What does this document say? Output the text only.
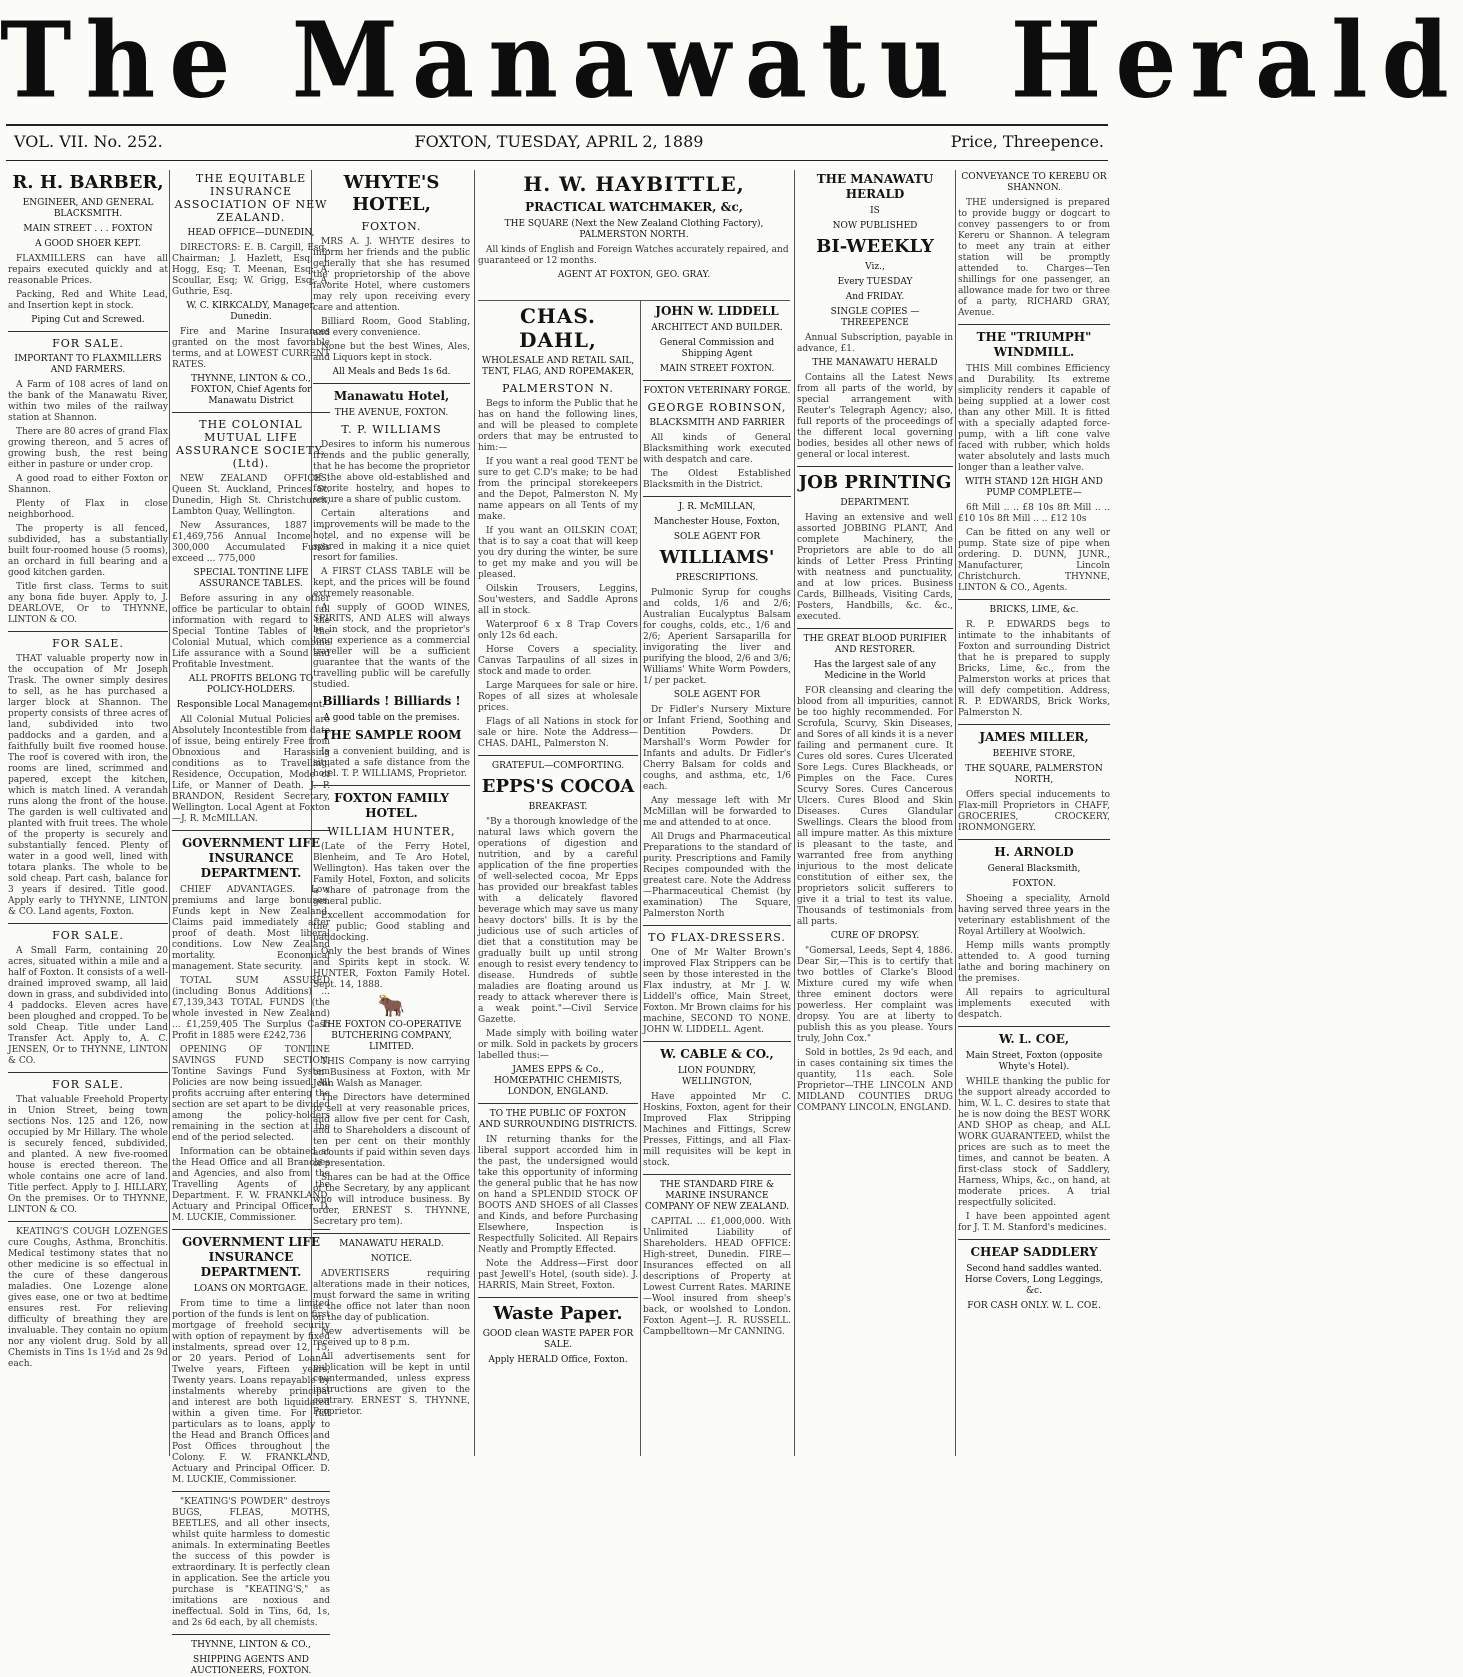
The Manawatu Herald
VOL. VII. No. 252.	FOXTON, TUESDAY, APRIL 2, 1889	Price, Threepence.
R. H. BARBER,
ENGINEER, AND GENERAL BLACKSMITH.
MAIN STREET . . . FOXTON
A GOOD SHOER KEPT.

FLAXMILLERS can have all repairs executed quickly and at reasonable Prices.

Packing, Red and White Lead, and Insertion kept in stock.

Piping Cut and Screwed.
FOR SALE.
IMPORTANT TO FLAXMILLERS AND FARMERS.

A Farm of 108 acres of land on the bank of the Manawatu River, within two miles of the railway station at Shannon.

There are 80 acres of grand Flax growing thereon, and 5 acres of growing bush, the rest being either in pasture or under crop.

A good road to either Foxton or Shannon.

Plenty of Flax in close neighborhood.

The property is all fenced, subdivided, has a substantially built four-roomed house (5 rooms), an orchard in full bearing and a good kitchen garden.

Title first class. Terms to suit any bona fide buyer. Apply to, J. DEARLOVE, Or to THYNNE, LINTON & CO.

FOR SALE.

THAT valuable property now in the occupation of Mr Joseph Trask. The owner simply desires to sell, as he has purchased a larger block at Shannon. The property consists of three acres of land, subdivided into two paddocks and a garden, and a faithfully built five roomed house. The roof is covered with iron, the rooms are lined, scrimmed and papered, except the kitchen, which is match lined. A verandah runs along the front of the house. The garden is well cultivated and planted with fruit trees. The whole of the property is securely and substantially fenced. Plenty of water in a good well, lined with totara planks. The whole to be sold cheap. Part cash, balance for 3 years if desired. Title good. Apply early to THYNNE, LINTON & CO. Land agents, Foxton.

FOR SALE.

A Small Farm, containing 20 acres, situated within a mile and a half of Foxton. It consists of a well-drained improved swamp, all laid down in grass, and subdivided into 4 paddocks. Eleven acres have been ploughed and cropped. To be sold Cheap. Title under Land Transfer Act. Apply to, A. C. JENSEN, Or to THYNNE, LINTON & CO.

FOR SALE.

That valuable Freehold Property in Union Street, being town sections Nos. 125 and 126, now occupied by Mr Hillary. The whole is securely fenced, subdivided, and planted. A new five-roomed house is erected thereon. The whole contains one acre of land. Title perfect. Apply to J. HILLARY, On the premises. Or to THYNNE, LINTON & CO.

KEATING'S COUGH LOZENGES cure Coughs, Asthma, Bronchitis. Medical testimony states that no other medicine is so effectual in the cure of these dangerous maladies. One Lozenge alone gives ease, one or two at bedtime ensures rest. For relieving difficulty of breathing they are invaluable. They contain no opium nor any violent drug. Sold by all Chemists in Tins 1s 1½d and 2s 9d each.

THE EQUITABLE INSURANCE ASSOCIATION OF NEW ZEALAND.
HEAD OFFICE—DUNEDIN,

DIRECTORS: E. B. Cargill, Esq., Chairman; J. Hazlett, Esq; I. Hogg, Esq; T. Meenan, Esq; A. Scoullar, Esq; W. Grigg, Esq; A. Guthrie, Esq.

W. C. KIRKCALDY, Manager, Dunedin.

Fire and Marine Insurances granted on the most favorable terms, and at LOWEST CURRENT RATES.

THYNNE, LINTON & CO., FOXTON, Chief Agents for Manawatu District
THE COLONIAL MUTUAL LIFE ASSURANCE SOCIETY, (Ltd).

NEW ZEALAND OFFICES: Queen St. Auckland, Princes St. Dunedin, High St. Christchurch, Lambton Quay, Wellington.

New Assurances, 1887 ... £1,469,756 Annual Income ... 300,000 Accumulated Funds exceed ... 775,000

SPECIAL TONTINE LIFE ASSURANCE TABLES.

Before assuring in any other office be particular to obtain full information with regard to the Special Tontine Tables of the Colonial Mutual, which combine Life assurance with a Sound and Profitable Investment.

ALL PROFITS BELONG TO POLICY-HOLDERS.
Responsible Local Management.

All Colonial Mutual Policies are Absolutely Incontestible from date of issue, being entirely Free from Obnoxious and Harassing conditions as to Travelling, Residence, Occupation, Mode of Life, or Manner of Death. J. P. BRANDON, Resident Secretary, Wellington. Local Agent at Foxton—J. R. McMILLAN.

GOVERNMENT LIFE INSURANCE DEPARTMENT.

CHIEF ADVANTAGES. Low premiums and large bonuses. Funds kept in New Zealand. Claims paid immediately after proof of death. Most liberal conditions. Low New Zealand mortality. Economical management. State security.

TOTAL SUM ASSURED (including Bonus Additions) ... £7,139,343 TOTAL FUNDS (the whole invested in New Zealand) ... £1,259,405 The Surplus Cash Profit in 1885 were £242,736

OPENING OF TONTINE SAVINGS FUND SECTION. Tontine Savings Fund System Policies are now being issued. All profits accruing after entering the section are set apart to be divided among the policy-holders remaining in the section at the end of the period selected.

Information can be obtained at the Head Office and all Branches and Agencies, and also from the Travelling Agents of the Department. F. W. FRANKLAND, Actuary and Principal Officer. D. M. LUCKIE, Commissioner.

GOVERNMENT LIFE INSURANCE DEPARTMENT.
LOANS ON MORTGAGE.

From time to time a limited portion of the funds is lent on first mortgage of freehold security with option of repayment by fixed instalments, spread over 12, 15, or 20 years. Period of Loan—Twelve years, Fifteen years, Twenty years. Loans repayable by instalments whereby principal and interest are both liquidated within a given time. For full particulars as to loans, apply to the Head and Branch Offices and Post Offices throughout the Colony. F. W. FRANKLAND, Actuary and Principal Officer. D. M. LUCKIE, Commissioner.

"KEATING'S POWDER" destroys BUGS, FLEAS, MOTHS, BEETLES, and all other insects, whilst quite harmless to domestic animals. In exterminating Beetles the success of this powder is extraordinary. It is perfectly clean in application. See the article you purchase is "KEATING'S," as imitations are noxious and ineffectual. Sold in Tins, 6d, 1s, and 2s 6d each, by all chemists.

THYNNE, LINTON & CO.,
SHIPPING AGENTS AND AUCTIONEERS, FOXTON.
WHYTE'S HOTEL,
FOXTON.

MRS A. J. WHYTE desires to inform her friends and the public generally that she has resumed the proprietorship of the above favorite Hotel, where customers may rely upon receiving every care and attention.

Billiard Room, Good Stabling, and every convenience.

None but the best Wines, Ales, and Liquors kept in stock.

All Meals and Beds 1s 6d.
Manawatu Hotel,
THE AVENUE, FOXTON.
T. P. WILLIAMS

Desires to inform his numerous friends and the public generally, that he has become the proprietor of the above old-established and favorite hostelry, and hopes to secure a share of public custom.

Certain alterations and improvements will be made to the hotel, and no expense will be spared in making it a nice quiet resort for families.

A FIRST CLASS TABLE will be kept, and the prices will be found extremely reasonable.

A supply of GOOD WINES, SPIRITS, AND ALES will always be in stock, and the proprietor's long experience as a commercial traveller will be a sufficient guarantee that the wants of the travelling public will be carefully studied.

Billiards ! Billiards !
A good table on the premises.
THE SAMPLE ROOM

Is a convenient building, and is situated a safe distance from the hotel. T. P. WILLIAMS, Proprietor.

FOXTON FAMILY HOTEL.
WILLIAM HUNTER,

(Late of the Ferry Hotel, Blenheim, and Te Aro Hotel, Wellington). Has taken over the Family Hotel, Foxton, and solicits a share of patronage from the general public.

Excellent accommodation for the public; Good stabling and paddocking.

Only the best brands of Wines and Spirits kept in stock. W. HUNTER, Foxton Family Hotel. Sept. 14, 1888.

🐂
THE FOXTON CO-OPERATIVE BUTCHERING COMPANY, LIMITED.

THIS Company is now carrying on Business at Foxton, with Mr John Walsh as Manager.

The Directors have determined to sell at very reasonable prices, and allow five per cent for Cash, and to Shareholders a discount of ten per cent on their monthly accounts if paid within seven days of presentation.

Shares can be had at the Office of the Secretary, by any applicant who will introduce business. By order, ERNEST S. THYNNE, Secretary pro tem).

MANAWATU HERALD.
NOTICE.

ADVERTISERS requiring alterations made in their notices, must forward the same in writing at the office not later than noon on the day of publication.

New advertisements will be received up to 8 p.m.

All advertisements sent for publication will be kept in until countermanded, unless express instructions are given to the contrary. ERNEST S. THYNNE, Proprietor.

H. W. HAYBITTLE,
PRACTICAL WATCHMAKER, &c,
THE SQUARE (Next the New Zealand Clothing Factory), PALMERSTON NORTH.

All kinds of English and Foreign Watches accurately repaired, and guaranteed or 12 months.

AGENT AT FOXTON, GEO. GRAY.
CHAS. DAHL,
WHOLESALE AND RETAIL SAIL, TENT, FLAG, AND ROPEMAKER,
PALMERSTON N.

Begs to inform the Public that he has on hand the following lines, and will be pleased to complete orders that may be entrusted to him:—

If you want a real good TENT be sure to get C.D's make; to be had from the principal storekeepers and the Depot, Palmerston N. My name appears on all Tents of my make.

If you want an OILSKIN COAT, that is to say a coat that will keep you dry during the winter, be sure to get my make and you will be pleased.

Oilskin Trousers, Leggins, Sou'westers, and Saddle Aprons all in stock.

Waterproof 6 x 8 Trap Covers only 12s 6d each.

Horse Covers a speciality. Canvas Tarpaulins of all sizes in stock and made to order.

Large Marquees for sale or hire. Ropes of all sizes at wholesale prices.

Flags of all Nations in stock for sale or hire. Note the Address—CHAS. DAHL, Palmerston N.

GRATEFUL—COMFORTING.
EPPS'S COCOA
BREAKFAST.

"By a thorough knowledge of the natural laws which govern the operations of digestion and nutrition, and by a careful application of the fine properties of well-selected cocoa, Mr Epps has provided our breakfast tables with a delicately flavored beverage which may save us many heavy doctors' bills. It is by the judicious use of such articles of diet that a constitution may be gradually built up until strong enough to resist every tendency to disease. Hundreds of subtle maladies are floating around us ready to attack wherever there is a weak point."—Civil Service Gazette.

Made simply with boiling water or milk. Sold in packets by grocers labelled thus:—

JAMES EPPS & Co., HOMŒPATHIC CHEMISTS, LONDON, ENGLAND.
TO THE PUBLIC OF FOXTON AND SURROUNDING DISTRICTS.

IN returning thanks for the liberal support accorded him in the past, the undersigned would take this opportunity of informing the general public that he has now on hand a SPLENDID STOCK OF BOOTS AND SHOES of all Classes and Kinds, and before Purchasing Elsewhere, Inspection is Respectfully Solicited. All Repairs Neatly and Promptly Effected.

Note the Address—First door past Jewell's Hotel, (south side). J. HARRIS, Main Street, Foxton.

Waste Paper.
GOOD clean WASTE PAPER FOR SALE.
Apply HERALD Office, Foxton.
JOHN W. LIDDELL
ARCHITECT AND BUILDER.
General Commission and Shipping Agent
MAIN STREET FOXTON.
FOXTON VETERINARY FORGE.
GEORGE ROBINSON,
BLACKSMITH AND FARRIER

All kinds of General Blacksmithing work executed with despatch and care.

The Oldest Established Blacksmith in the District.

J. R. McMILLAN,
Manchester House, Foxton,
SOLE AGENT FOR
WILLIAMS'
PRESCRIPTIONS.

Pulmonic Syrup for coughs and colds, 1/6 and 2/6; Australian Eucalyptus Balsam for coughs, colds, etc., 1/6 and 2/6; Aperient Sarsaparilla for invigorating the liver and purifying the blood, 2/6 and 3/6; Williams' White Worm Powders, 1/ per packet.

SOLE AGENT FOR

Dr Fidler's Nursery Mixture or Infant Friend, Soothing and Dentition Powders. Dr Marshall's Worm Powder for Infants and adults. Dr Fidler's Cherry Balsam for colds and coughs, and asthma, etc, 1/6 each.

Any message left with Mr McMillan will be forwarded to me and attended to at once.

All Drugs and Pharmaceutical Preparations to the standard of purity. Prescriptions and Family Recipes compounded with the greatest care. Note the Address—Pharmaceutical Chemist (by examination) The Square, Palmerston North

TO FLAX-DRESSERS.

One of Mr Walter Brown's improved Flax Strippers can be seen by those interested in the Flax industry, at Mr J. W. Liddell's office, Main Street, Foxton. Mr Brown claims for his machine, SECOND TO NONE. JOHN W. LIDDELL. Agent.

W. CABLE & CO.,
LION FOUNDRY, WELLINGTON,

Have appointed Mr C. Hoskins, Foxton, agent for their Improved Flax Stripping Machines and Fittings, Screw Presses, Fittings, and all Flax-mill requisites will be kept in stock.

THE STANDARD FIRE & MARINE INSURANCE COMPANY OF NEW ZEALAND.

CAPITAL ... £1,000,000. With Unlimited Liability of Shareholders. HEAD OFFICE: High-street, Dunedin. FIRE—Insurances effected on all descriptions of Property at Lowest Current Rates. MARINE—Wool insured from sheep's back, or woolshed to London. Foxton Agent—J. R. RUSSELL. Campbelltown—Mr CANNING.

THE MANAWATU HERALD
IS
NOW PUBLISHED
BI-WEEKLY
Viz.,
Every TUESDAY
And FRIDAY.
SINGLE COPIES — THREEPENCE

Annual Subscription, payable in advance, £1.

THE MANAWATU HERALD

Contains all the Latest News from all parts of the world, by special arrangement with Reuter's Telegraph Agency; also, full reports of the proceedings of the different local governing bodies, besides all other news of general or local interest.

JOB PRINTING
DEPARTMENT.

Having an extensive and well assorted JOBBING PLANT, And complete Machinery, the Proprietors are able to do all kinds of Letter Press Printing with neatness and punctuality, and at low prices. Business Cards, Billheads, Visiting Cards, Posters, Handbills, &c. &c., executed.

THE GREAT BLOOD PURIFIER AND RESTORER.
Has the largest sale of any Medicine in the World

FOR cleansing and clearing the blood from all impurities, cannot be too highly recommended. For Scrofula, Scurvy, Skin Diseases, and Sores of all kinds it is a never failing and permanent cure. It Cures old sores. Cures Ulcerated Sore Legs. Cures Blackheads, or Pimples on the Face. Cures Scurvy Sores. Cures Cancerous Ulcers. Cures Blood and Skin Diseases. Cures Glandular Swellings. Clears the blood from all impure matter. As this mixture is pleasant to the taste, and warranted free from anything injurious to the most delicate constitution of either sex, the proprietors solicit sufferers to give it a trial to test its value. Thousands of testimonials from all parts.

CURE OF DROPSY.

"Gomersal, Leeds, Sept 4, 1886. Dear Sir,—This is to certify that two bottles of Clarke's Blood Mixture cured my wife when three eminent doctors were powerless. Her complaint was dropsy. You are at liberty to publish this as you please. Yours truly, John Cox."

Sold in bottles, 2s 9d each, and in cases containing six times the quantity, 11s each. Sole Proprietor—THE LINCOLN AND MIDLAND COUNTIES DRUG COMPANY LINCOLN, ENGLAND.

CONVEYANCE TO KEREBU OR SHANNON.

THE undersigned is prepared to provide buggy or dogcart to convey passengers to or from Kereru or Shannon. A telegram to meet any train at either station will be promptly attended to. Charges—Ten shillings for one passenger, an allowance made for two or three of a party, RICHARD GRAY, Avenue.

THE "TRIUMPH" WINDMILL.

THIS Mill combines Efficiency and Durability. Its extreme simplicity renders it capable of being supplied at a lower cost than any other Mill. It is fitted with a specially adapted force-pump, with a lift cone valve faced with rubber, which holds water absolutely and lasts much longer than a leather valve.

WITH STAND 12ft HIGH AND PUMP COMPLETE—

6ft Mill .. .. £8 10s 8ft Mill .. .. £10 10s 8ft Mill .. .. £12 10s

Can be fitted on any well or pump. State size of pipe when ordering. D. DUNN, JUNR., Manufacturer, Lincoln Christchurch. THYNNE, LINTON & CO., Agents.

BRICKS, LIME, &c.

R. P. EDWARDS begs to intimate to the inhabitants of Foxton and surrounding District that he is prepared to supply Bricks, Lime, &c., from the Palmerston works at prices that will defy competition. Address, R. P. EDWARDS, Brick Works, Palmerston N.

JAMES MILLER,
BEEHIVE STORE,
THE SQUARE, PALMERSTON NORTH,

Offers special inducements to Flax-mill Proprietors in CHAFF, GROCERIES, CROCKERY, IRONMONGERY.

H. ARNOLD
General Blacksmith,
FOXTON.

Shoeing a speciality, Arnold having served three years in the veterinary establishment of the Royal Artillery at Woolwich.

Hemp mills wants promptly attended to. A good turning lathe and boring machinery on the premises.

All repairs to agricultural implements executed with despatch.

W. L. COE,
Main Street, Foxton (opposite Whyte's Hotel).

WHILE thanking the public for the support already accorded to him, W. L. C. desires to state that he is now doing the BEST WORK AND SHOP as cheap, and ALL WORK GUARANTEED, whilst the prices are such as to meet the times, and cannot be beaten. A first-class stock of Saddlery, Harness, Whips, &c., on hand, at moderate prices. A trial respectfully solicited.

I have been appointed agent for J. T. M. Stanford's medicines.

CHEAP SADDLERY
Second hand saddles wanted. Horse Covers, Long Leggings, &c.
FOR CASH ONLY. W. L. COE.
